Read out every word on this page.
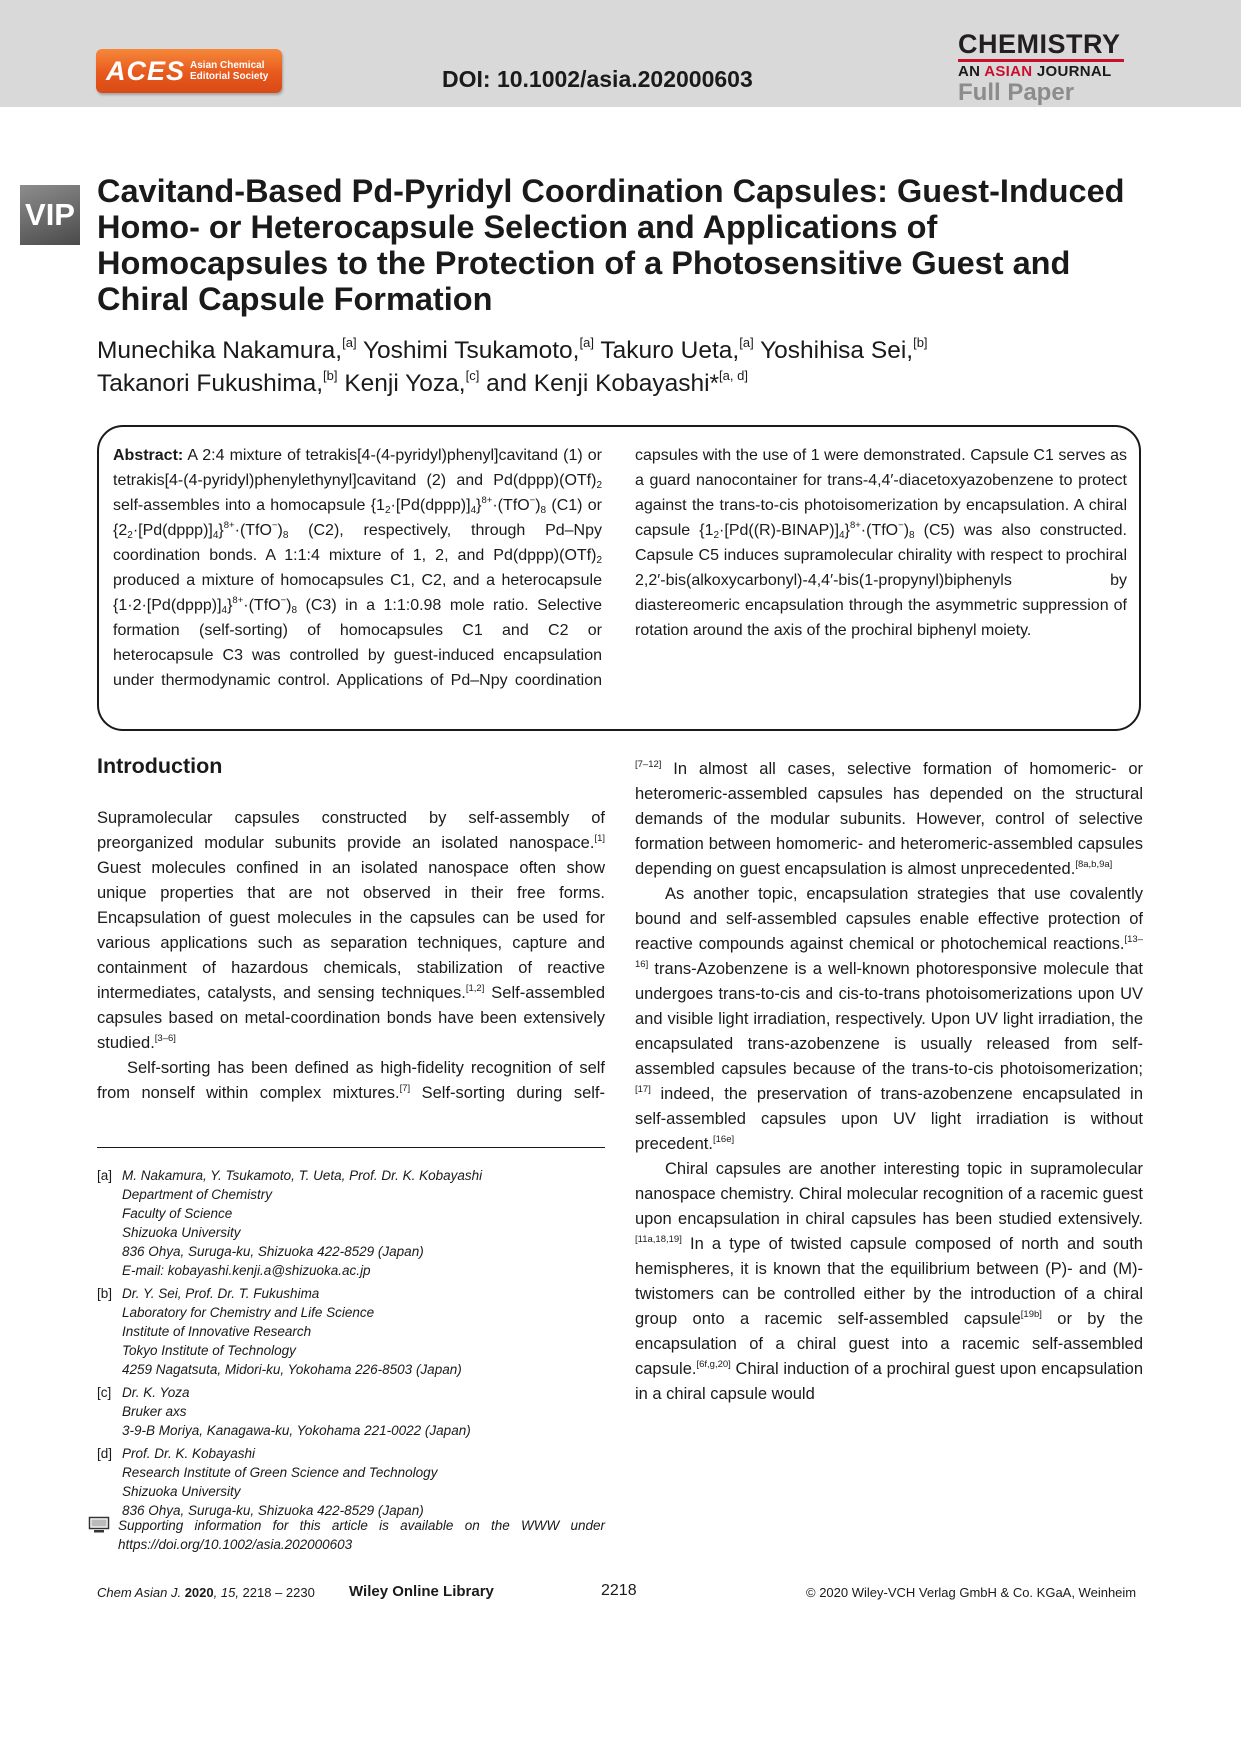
ACES Asian Chemical
Editorial Society	DOI: 10.1002/asia.202000603
CHEMISTRY
AN ASIAN JOURNAL
Full Paper
VIP
Cavitand-Based Pd-Pyridyl Coordination Capsules: Guest-Induced Homo- or Heterocapsule Selection and Applications of Homocapsules to the Protection of a Photosensitive Guest and Chiral Capsule Formation
Munechika Nakamura,[a] Yoshimi Tsukamoto,[a] Takuro Ueta,[a] Yoshihisa Sei,[b]
Takanori Fukushima,[b] Kenji Yoza,[c] and Kenji Kobayashi*[a, d]
Abstract: A 2:4 mixture of tetrakis[4-(4-pyridyl)phenyl]cavitand (1) or tetrakis[4-(4-pyridyl)phenylethynyl]cavitand (2) and $Pd(dppp)(OTf)_2$ self-assembles into a homocapsule $\{1_2\cdot[Pd(dppp)]_4\}^{8+}\cdot(TfO^-)_8$ (C1) or $\{2_2\cdot[Pd(dppp)]_4\}^{8+}\cdot(TfO^-)_8$ (C2), respectively, through Pd–Npy coordination bonds. A 1:1:4 mixture of 1, 2, and $Pd(dppp)(OTf)_2$ produced a mixture of homocapsules C1, C2, and a heterocapsule $\{1\cdot 2\cdot[Pd(dppp)]_4\}^{8+}\cdot(TfO^-)_8$ (C3) in a 1:1:0.98 mole ratio. Selective formation (self-sorting) of homocapsules C1 and C2 or heterocapsule C3 was controlled by guest-induced encapsulation under thermodynamic control. Applications of Pd–Npy coordination
capsules with the use of 1 were demonstrated. Capsule C1 serves as a guard nanocontainer for trans-4,4′-diacetoxyazobenzene to protect against the trans-to-cis photoisomerization by encapsulation. A chiral capsule $\{1_2\cdot[Pd((R)-BINAP)]_4\}^{8+}\cdot(TfO^-)_8$ (C5) was also constructed. Capsule C5 induces supramolecular chirality with respect to prochiral 2,2′-bis(alkoxycarbonyl)-4,4′-bis(1-propynyl)biphenyls by diastereomeric encapsulation through the asymmetric suppression of rotation around the axis of the prochiral biphenyl moiety.
Introduction

Supramolecular capsules constructed by self-assembly of preorganized modular subunits provide an isolated nanospace.[1] Guest molecules confined in an isolated nanospace often show unique properties that are not observed in their free forms. Encapsulation of guest molecules in the capsules can be used for various applications such as separation techniques, capture and containment of hazardous chemicals, stabilization of reactive intermediates, catalysts, and sensing techniques.[1,2] Self-assembled capsules based on metal-coordination bonds have been extensively studied.[3–6]

Self-sorting has been defined as high-fidelity recognition of self from nonself within complex mixtures.[7] Self-sorting during self-

[7–12] In almost all cases, selective formation of homomeric- or heteromeric-assembled capsules has depended on the structural demands of the modular subunits. However, control of selective formation between homomeric- and heteromeric-assembled capsules depending on guest encapsulation is almost unprecedented.[8a,b,9a]

As another topic, encapsulation strategies that use covalently bound and self-assembled capsules enable effective protection of reactive compounds against chemical or photochemical reactions.[13–16] trans-Azobenzene is a well-known photoresponsive molecule that undergoes trans-to-cis and cis-to-trans photoisomerizations upon UV and visible light irradiation, respectively. Upon UV light irradiation, the encapsulated trans-azobenzene is usually released from self-assembled capsules because of the trans-to-cis photoisomerization;[17] indeed, the preservation of trans-azobenzene encapsulated in self-assembled capsules upon UV light irradiation is without precedent.[16e]

Chiral capsules are another interesting topic in supramolecular nanospace chemistry. Chiral molecular recognition of a racemic guest upon encapsulation in chiral capsules has been studied extensively.[11a,18,19] In a type of twisted capsule composed of north and south hemispheres, it is known that the equilibrium between (P)- and (M)-twistomers can be controlled either by the introduction of a chiral group onto a racemic self-assembled capsule[19b] or by the encapsulation of a chiral guest into a racemic self-assembled capsule.[6f,g,20] Chiral induction of a prochiral guest upon encapsulation in a chiral capsule would

[a] M. Nakamura, Y. Tsukamoto, T. Ueta, Prof. Dr. K. Kobayashi
Department of Chemistry
Faculty of Science
Shizuoka University
836 Ohya, Suruga-ku, Shizuoka 422-8529 (Japan)
E-mail: kobayashi.kenji.a@shizuoka.ac.jp
[b] Dr. Y. Sei, Prof. Dr. T. Fukushima
Laboratory for Chemistry and Life Science
Institute of Innovative Research
Tokyo Institute of Technology
4259 Nagatsuta, Midori-ku, Yokohama 226-8503 (Japan)
[c] Dr. K. Yoza
Bruker axs
3-9-B Moriya, Kanagawa-ku, Yokohama 221-0022 (Japan)
[d] Prof. Dr. K. Kobayashi
Research Institute of Green Science and Technology
Shizuoka University
836 Ohya, Suruga-ku, Shizuoka 422-8529 (Japan)
Supporting information for this article is available on the WWW under https://doi.org/10.1002/asia.202000603
Chem Asian J. 2020, 15, 2218 – 2230 Wiley Online Library	2218	© 2020 Wiley-VCH Verlag GmbH & Co. KGaA, Weinheim
